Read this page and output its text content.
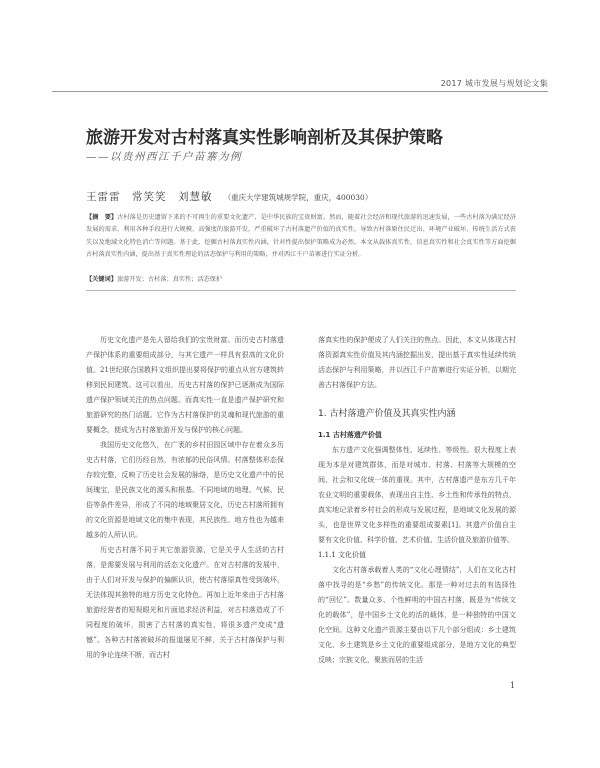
2017 城市发展与规划论文集
旅游开发对古村落真实性影响剖析及其保护策略
——以贵州西江千户苗寨为例
王雷雷　常笑笑　刘慧敏 （重庆大学建筑城规学院，重庆，400030）
【摘　要】古村落是历史遗留下来的不可再生的重要文化遗产，是中华民族的宝贵财富。然而，随着社会经济和现代旅游的迅速发展，一些古村落为满足经济发展的需求，利用各种手段进行大规模、高强度的旅游开发，严重破坏了古村落遗产价值的真实性，导致古村落原住民迁出、环境产业破坏、传统生活方式丧失以及地域文化特色消亡等问题。基于此，挖掘古村落真实性内涵，针对性提出保护策略成为必然。本文从载体真实性、信息真实性和社会真实性等方面挖掘古村落真实性内涵，提出基于真实性理论的活态保护与利用的策略，并对西江千户苗寨进行实证分析。
【关键词】旅游开发；古村落；真实性；活态保护

历史文化遗产是先人留给我们的宝贵财富。而历史古村落遗产保护体系的重要组成部分，与其它遗产一样具有很高的文化价值。21世纪联合国教科文组织提出要将保护的重点从官方建筑转移到民间建筑。这可以看出，历史古村落的保护已逐渐成为国际遗产保护领域关注的热点问题。而真实性一直是遗产保护研究和旅游研究的热门话题。它作为古村落保护的灵魂和现代旅游的重要概念，便成为古村落旅游开发与保护的核心问题。

我国历史文化悠久，在广袤的乡村田园区域中存在着众多历史古村落，它们历经自然，有浓郁的民俗风情。村落整体形态保存较完整，反映了历史社会发展的脉络，是历史文化遗产中的民间瑰宝，是民族文化的源头和根基。不同地域的地理、气候、民俗等条件差异，形成了不同的地域聚居文化，历史古村落所拥有的文化资源是地域文化的集中表现，其民族性、地方性也为越来越多的人所认识。

历史古村落不同于其它旅游资源，它是关乎人生活的古村落，是需要发展与利用的活态文化遗产。在对古村落的发展中，由于人们对开发与保护的偏颇认识，使古村落原真性受到破坏，无法体现其独特的地方历史文化特色。再加上近年来由于古村落旅游经营者的短视眼光和片面追求经济利益，对古村落造成了不同程度的破坏，损害了古村落的真实性，将很多遗产变成“遗憾”。各种古村落被破坏的报道屡见不鲜，关于古村落保护与利用的争论连续不断，而古村

落真实性的保护便成了人们关注的焦点。因此，本文从体现古村落资源真实性价值及其内涵挖掘出发，提出基于真实性延续传统活态保护与利用策略，并以西江千户苗寨进行实证分析，以期完善古村落保护方法。

1. 古村落遗产价值及其真实性内涵
1.1 古村落遗产价值

东方遗产文化强调整体性、延续性、等级性。很大程度上表现为本是对建筑群体，而是对城市、村落、村落等大规模的空间、社会和文化统一体的重视。其中，古村落遗产是东方几千年农业文明的重要载体，表现出自主性、乡土性和传承性的特点，真实地记录着乡村社会的形成与发展过程，是地域文化发展的源头，也是世界文化多样性的重要组成要素[1]。其遗产价值自主要有文化价值、科学价值、艺术价值、生活价值及旅游价值等。

1.1.1 文化价值

文化古村落承载着人类的“文化心理情结”，人们在文化古村落中找寻的是“乡愁”的传统文化。那是一种对过去的有选择性的“回忆”。数量众多、个性鲜明的中国古村落，既是为“传统文化的载体”，是中国乡土文化的活的载体，是一种独特的中国文化空间。这种文化遗产资源主要由以下几个部分组成：乡土建筑文化、乡土建筑是乡土文化的重要组成部分，是地方文化的典型反映；宗族文化，聚族而居的生活

1
